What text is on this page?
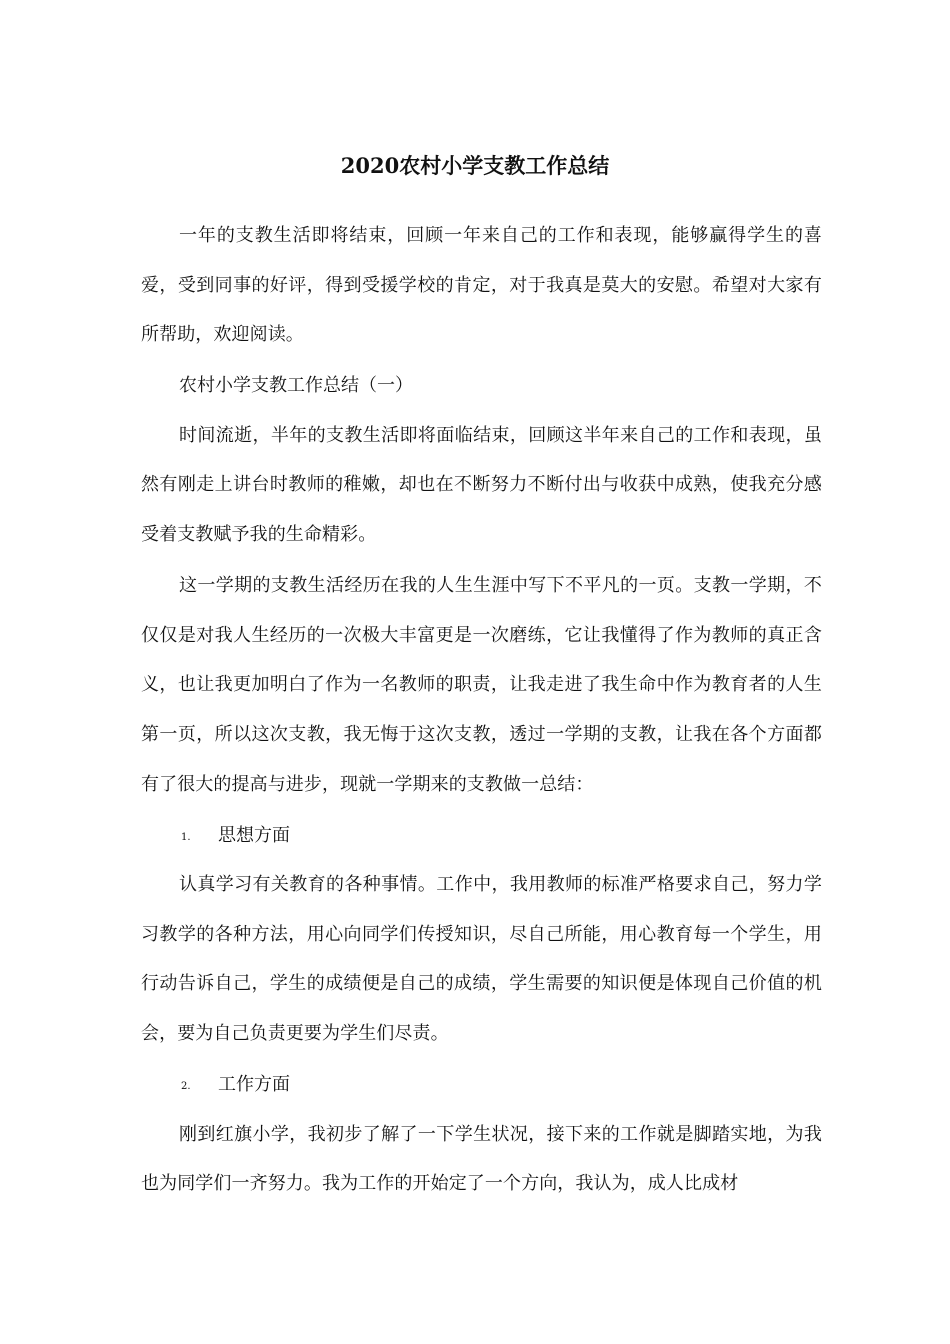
2020农村小学支教工作总结

一年的支教生活即将结束，回顾一年来自己的工作和表现，能够赢得学生的喜爱，受到同事的好评，得到受援学校的肯定，对于我真是莫大的安慰。希望对大家有所帮助，欢迎阅读。

农村小学支教工作总结（一）

时间流逝，半年的支教生活即将面临结束，回顾这半年来自己的工作和表现，虽然有刚走上讲台时教师的稚嫩，却也在不断努力不断付出与收获中成熟，使我充分感受着支教赋予我的生命精彩。

这一学期的支教生活经历在我的人生生涯中写下不平凡的一页。支教一学期，不仅仅是对我人生经历的一次极大丰富更是一次磨练，它让我懂得了作为教师的真正含义，也让我更加明白了作为一名教师的职责，让我走进了我生命中作为教育者的人生第一页，所以这次支教，我无悔于这次支教，透过一学期的支教，让我在各个方面都有了很大的提高与进步，现就一学期来的支教做一总结：

1. 思想方面

认真学习有关教育的各种事情。工作中，我用教师的标准严格要求自己，努力学习教学的各种方法，用心向同学们传授知识，尽自己所能，用心教育每一个学生，用行动告诉自己，学生的成绩便是自己的成绩，学生需要的知识便是体现自己价值的机会，要为自己负责更要为学生们尽责。

2. 工作方面

刚到红旗小学，我初步了解了一下学生状况，接下来的工作就是脚踏实地，为我也为同学们一齐努力。我为工作的开始定了一个方向，我认为，成人比成材
